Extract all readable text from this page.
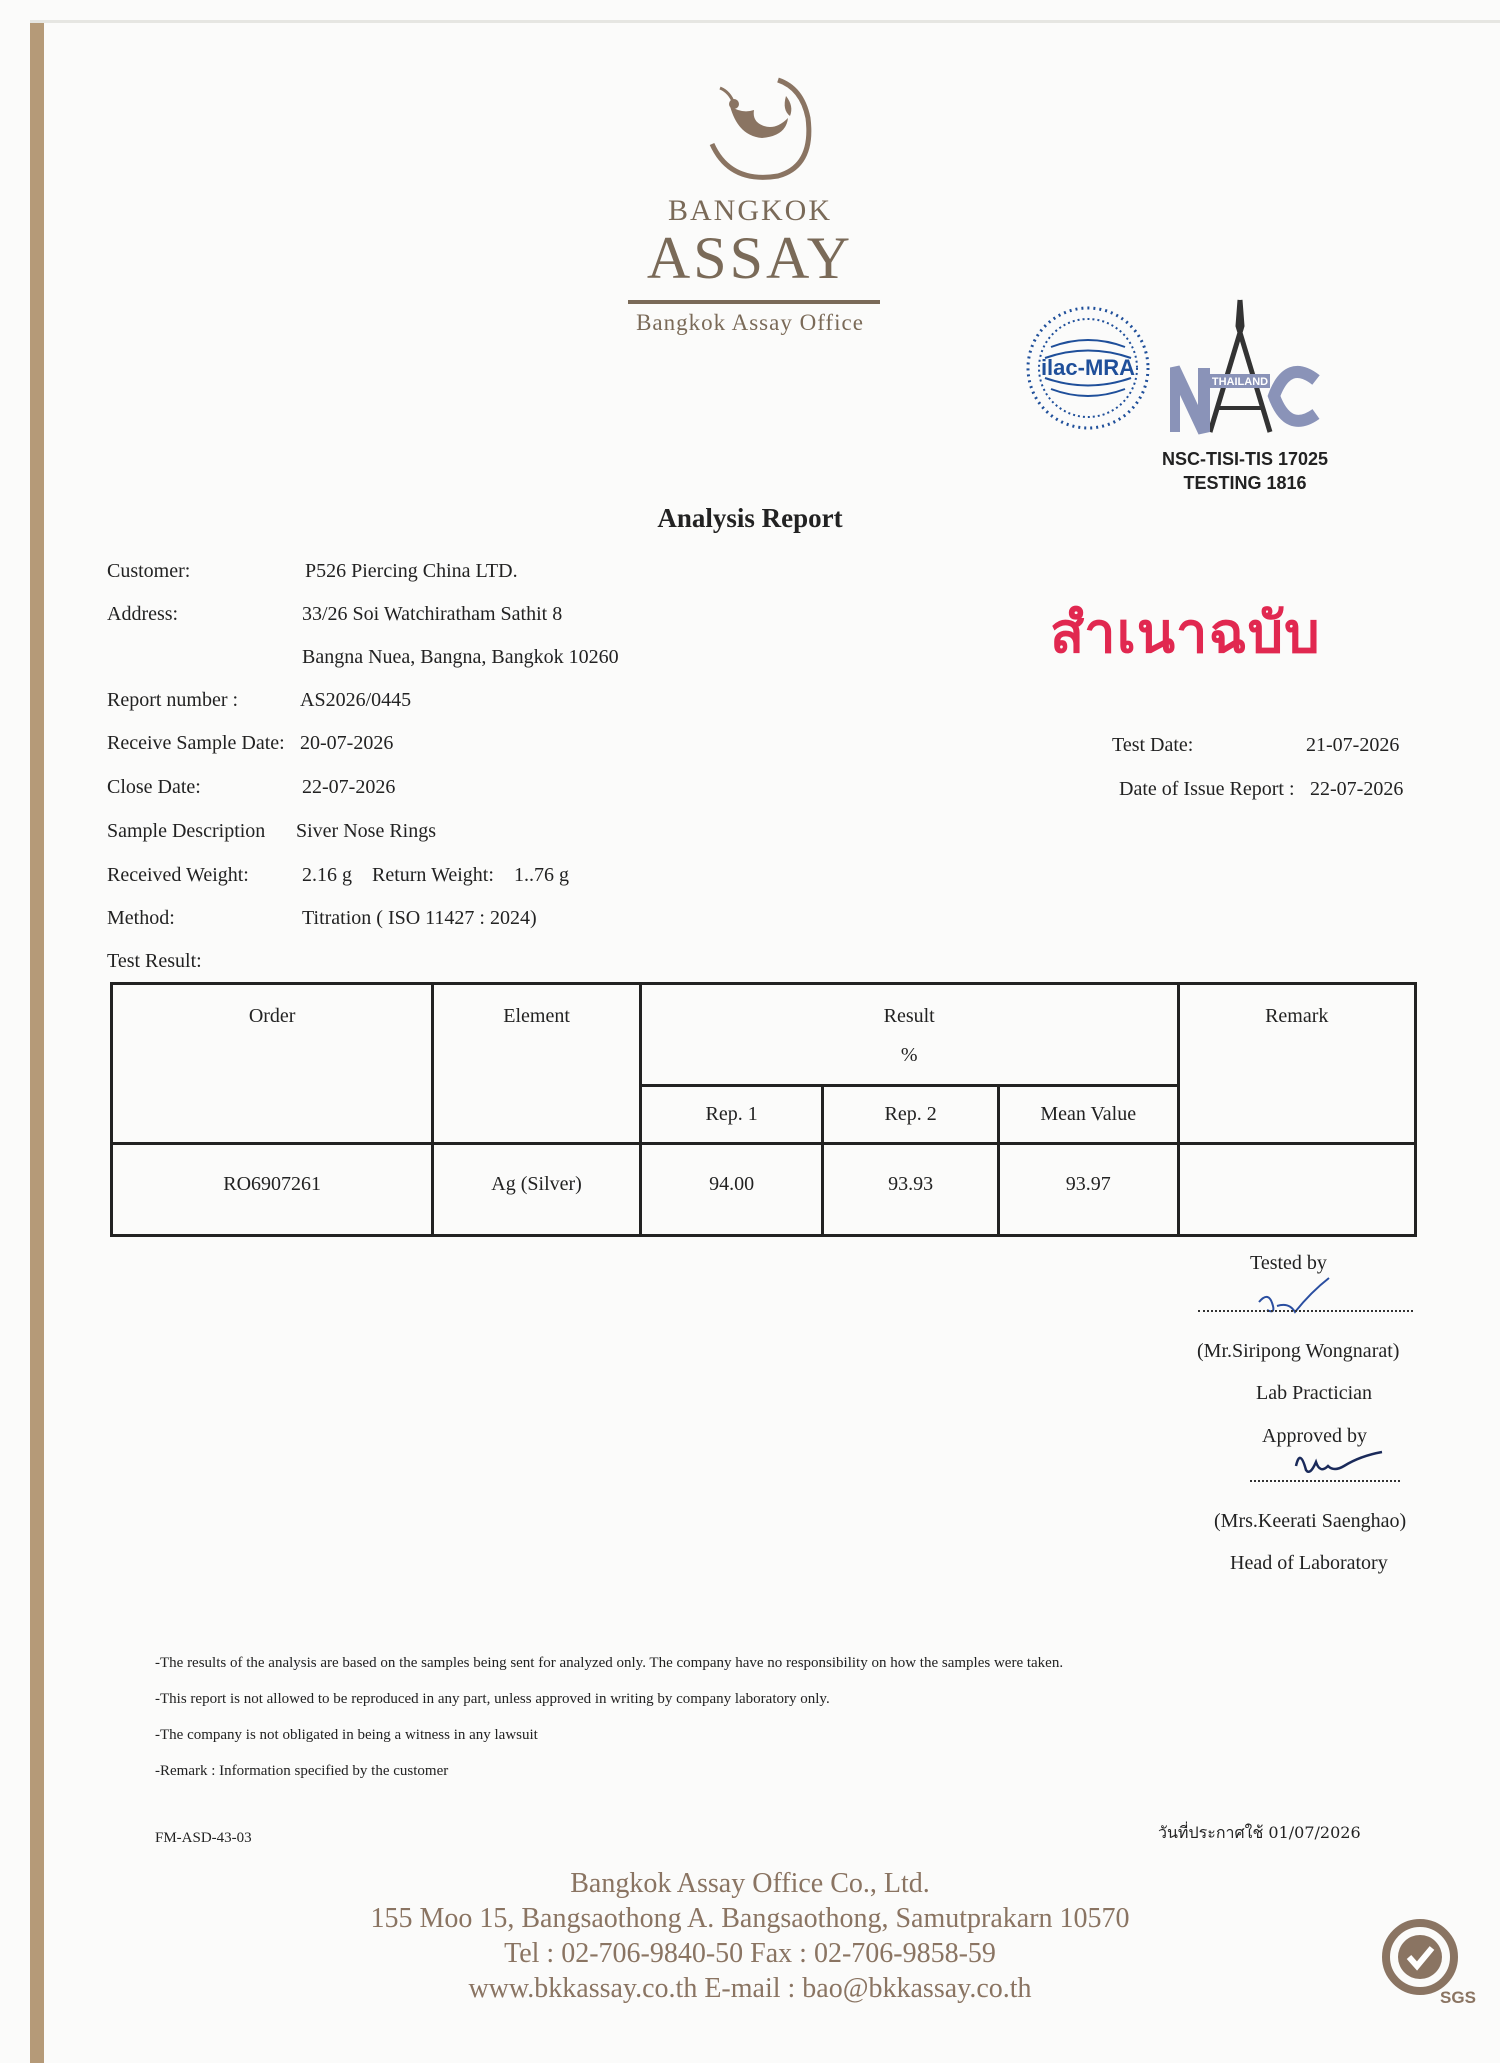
BANGKOK
ASSAY
Bangkok Assay Office
ilac-MRA
THAILAND
NSC-TISI-TIS 17025
TESTING 1816
Analysis Report
สำเนาฉบับ
Customer:	P526 Piercing China LTD.
Address:	33/26 Soi Watchiratham Sathit 8
Bangna Nuea, Bangna, Bangkok 10260
Report number :	AS2026/0445
Receive Sample Date: 20-07-2026	Test Date:	21-07-2026
Close Date:	22-07-2026	Date of Issue Report : 22-07-2026
Sample Description Siver Nose Rings
Received Weight:	2.16 g Return Weight: 1..76 g
Method:	Titration ( ISO 11427 : 2024)
Test Result:
Order	Element	Result
%			Remark
		Rep. 1	Rep. 2	Mean Value	
RO6907261	Ag (Silver)	94.00	93.93	93.97	
Tested by
(Mr.Siripong Wongnarat)
Lab Practician
Approved by
(Mrs.Keerati Saenghao)
Head of Laboratory
-The results of the analysis are based on the samples being sent for analyzed only. The company have no responsibility on how the samples were taken.
-This report is not allowed to be reproduced in any part, unless approved in writing by company laboratory only.
-The company is not obligated in being a witness in any lawsuit
-Remark : Information specified by the customer
FM-ASD-43-03	วันที่ประกาศใช้ 01/07/2026
Bangkok Assay Office Co., Ltd.
155 Moo 15, Bangsaothong A. Bangsaothong, Samutprakarn 10570
Tel : 02-706-9840-50 Fax : 02-706-9858-59
www.bkkassay.co.th E-mail : bao@bkkassay.co.th	SGS
